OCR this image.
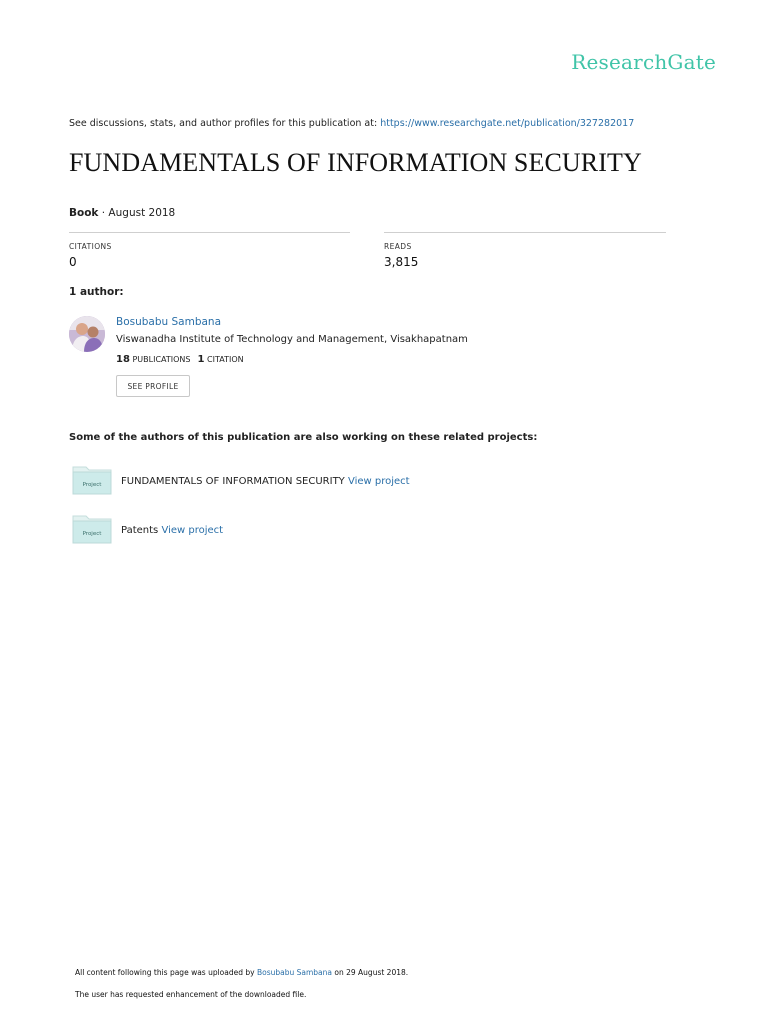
ResearchGate
See discussions, stats, and author profiles for this publication at: https://www.researchgate.net/publication/327282017
FUNDAMENTALS OF INFORMATION SECURITY
Book · August 2018
CITATIONS
0
READS
3,815
1 author:
Bosubabu Sambana
Viswanadha Institute of Technology and Management, Visakhapatnam
18 PUBLICATIONS 1 CITATION
SEE PROFILE
Some of the authors of this publication are also working on these related projects:
Project FUNDAMENTALS OF INFORMATION SECURITY View project
Project Patents View project
All content following this page was uploaded by Bosubabu Sambana on 29 August 2018.
The user has requested enhancement of the downloaded file.
